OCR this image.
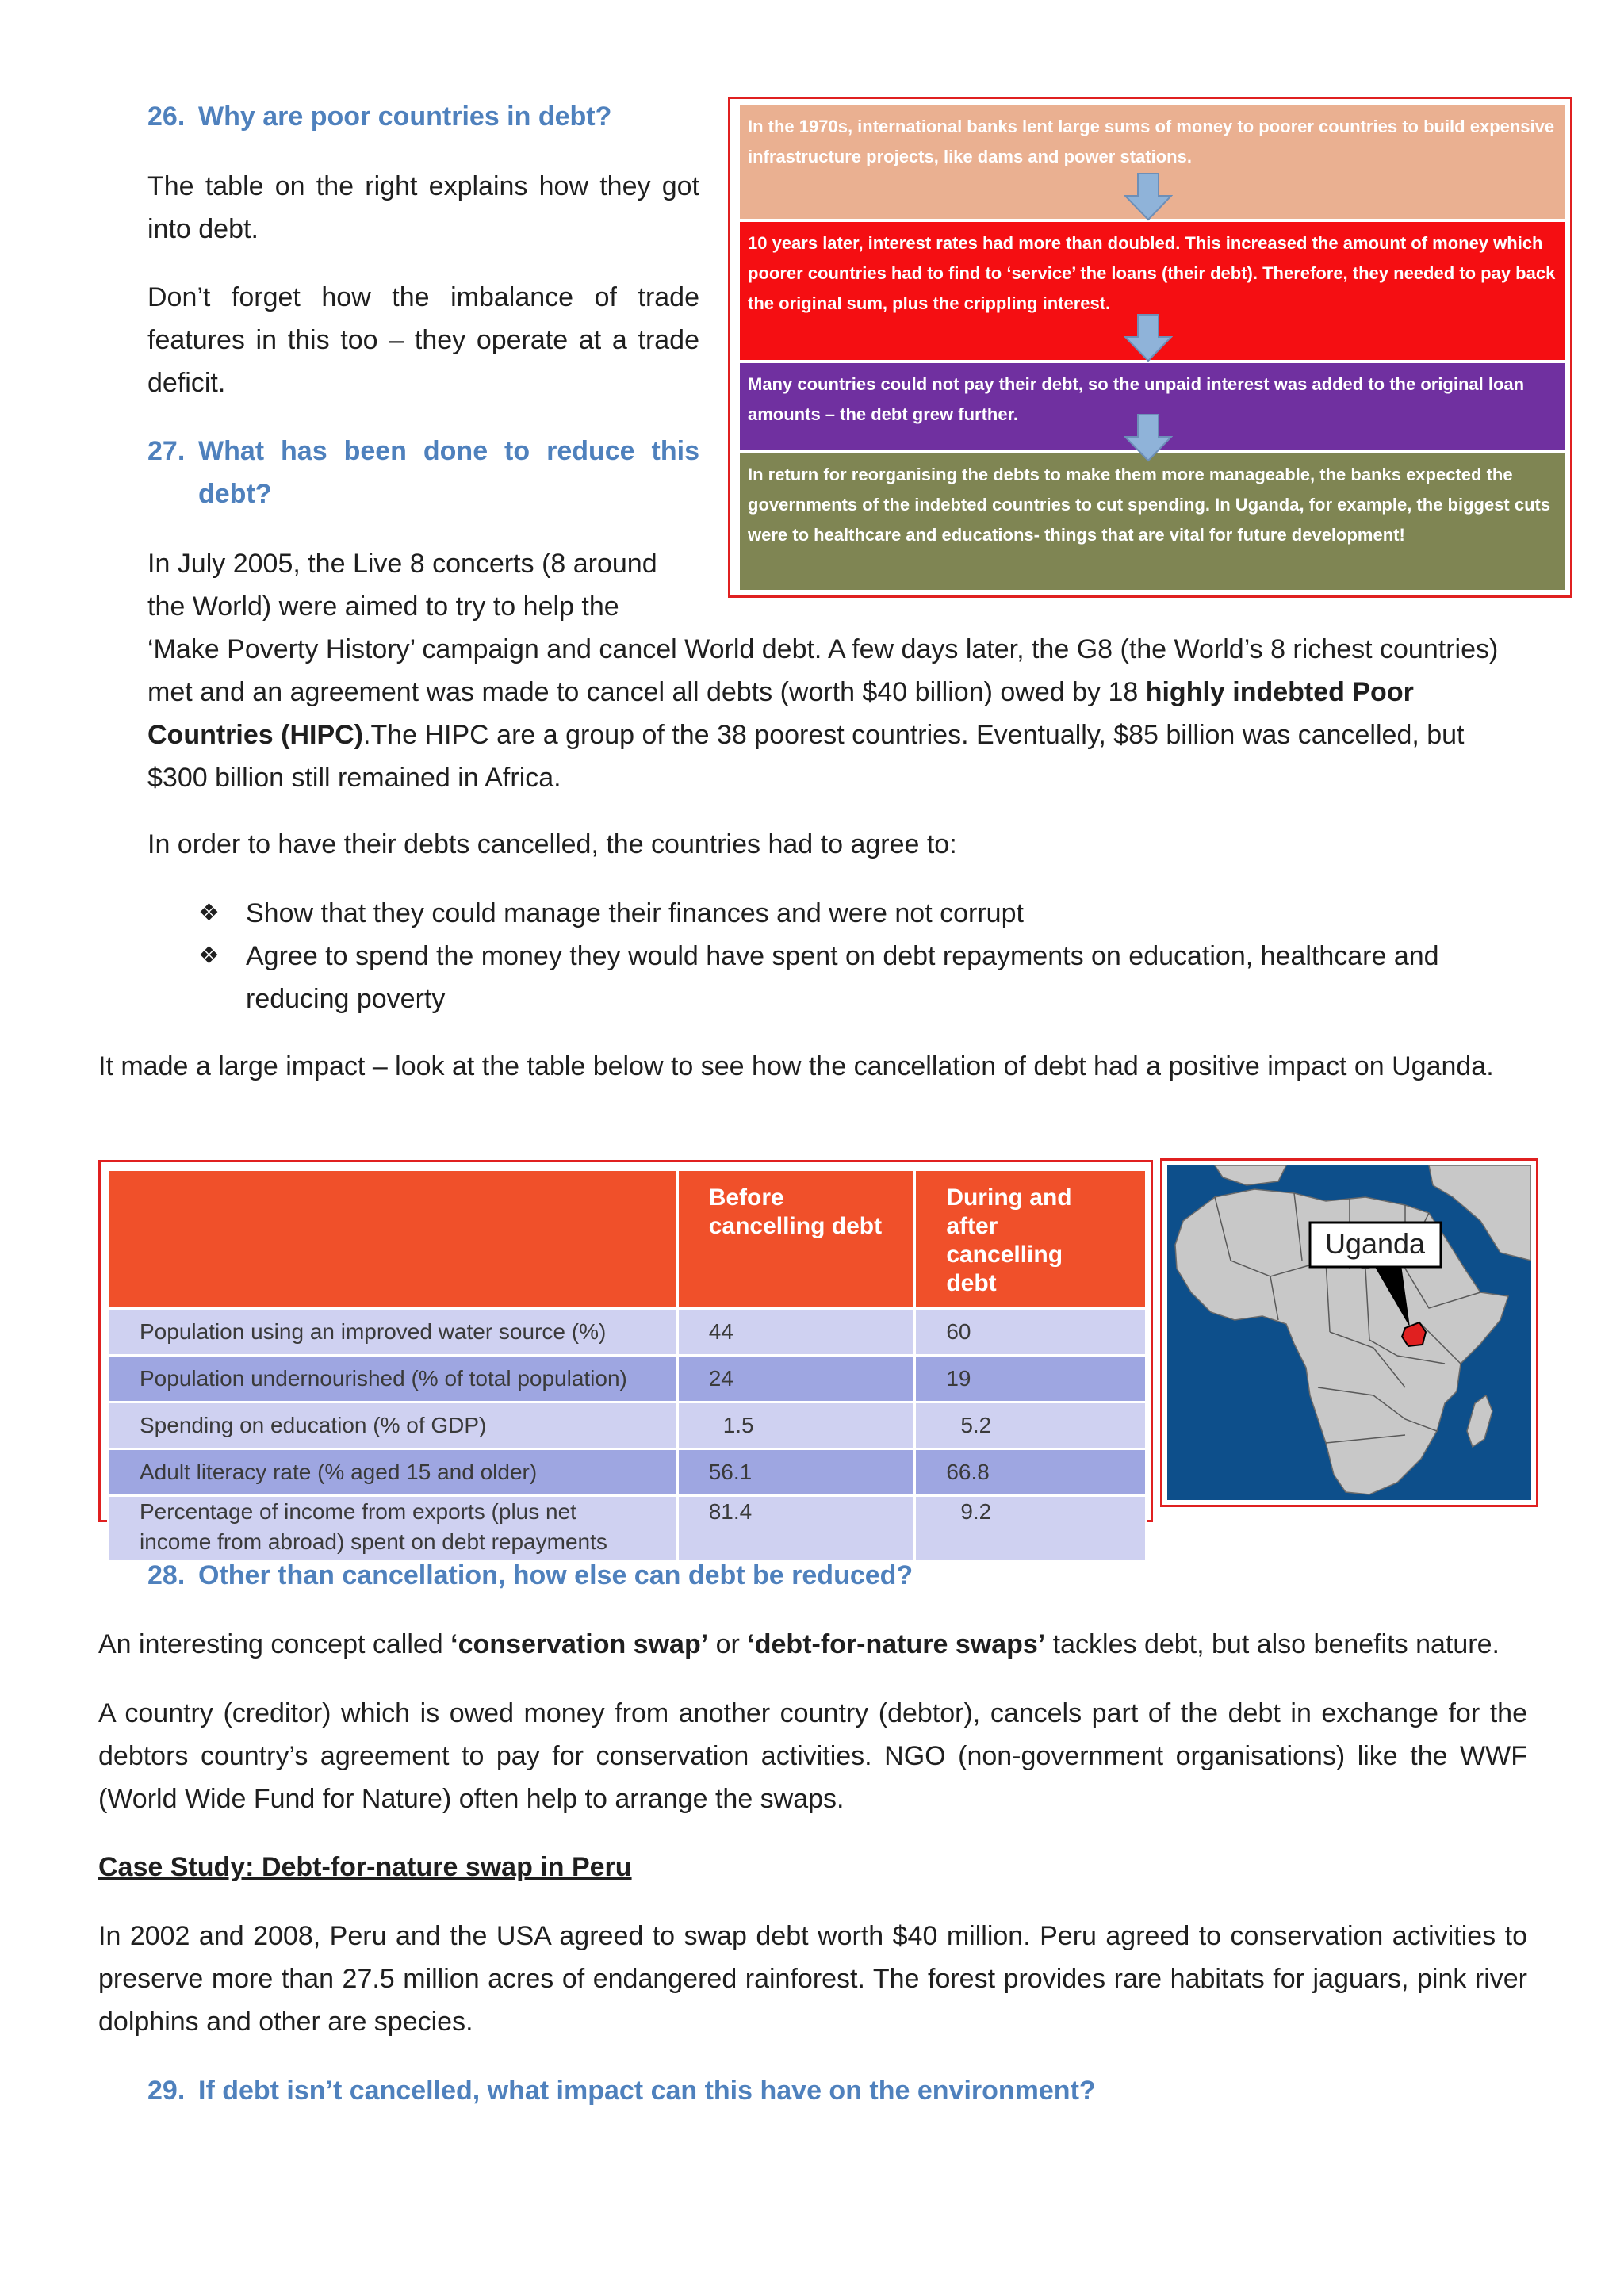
26. Why are poor countries in debt?
The table on the right explains how they got into debt.
Don’t forget how the imbalance of trade features in this too – they operate at a trade deficit.
27. What has been done to reduce this
debt?
In July 2005, the Live 8 concerts (8 around
the World) were aimed to try to help the
‘Make Poverty History’ campaign and cancel World debt. A few days later, the G8 (the World’s 8 richest countries) met and an agreement was made to cancel all debts (worth $40 billion) owed by 18 highly indebted Poor Countries (HIPC).The HIPC are a group of the 38 poorest countries. Eventually, $85 billion was cancelled, but $300 billion still remained in Africa.
In order to have their debts cancelled, the countries had to agree to:
❖ Show that they could manage their finances and were not corrupt
❖ Agree to spend the money they would have spent on debt repayments on education, healthcare and reducing poverty
It made a large impact – look at the table below to see how the cancellation of debt had a positive impact on Uganda.
In the 1970s, international banks lent large sums of money to poorer countries to build expensive infrastructure projects, like dams and power stations.
10 years later, interest rates had more than doubled. This increased the amount of money which poorer countries had to find to ‘service’ the loans (their debt). Therefore, they needed to pay back the original sum, plus the crippling interest.
Many countries could not pay their debt, so the unpaid interest was added to the original loan amounts – the debt grew further.
In return for reorganising the debts to make them more manageable, the banks expected the governments of the indebted countries to cut spending. In Uganda, for example, the biggest cuts were to healthcare and educations- things that are vital for future development!
	Before cancelling debt	During and after cancelling debt
Population using an improved water source (%)	44	60
Population undernourished (% of total population)	24	19
Spending on education (% of GDP)	1.5	5.2
Adult literacy rate (% aged 15 and older)	56.1	66.8
Percentage of income from exports (plus net income from abroad) spent on debt repayments	81.4	9.2
Uganda
28. Other than cancellation, how else can debt be reduced?
An interesting concept called ‘conservation swap’ or ‘debt-for-nature swaps’ tackles debt, but also benefits nature.
A country (creditor) which is owed money from another country (debtor), cancels part of the debt in exchange for the debtors country’s agreement to pay for conservation activities. NGO (non-government organisations) like the WWF (World Wide Fund for Nature) often help to arrange the swaps.
Case Study: Debt-for-nature swap in Peru
In 2002 and 2008, Peru and the USA agreed to swap debt worth $40 million. Peru agreed to conservation activities to preserve more than 27.5 million acres of endangered rainforest. The forest provides rare habitats for jaguars, pink river dolphins and other are species.
29. If debt isn’t cancelled, what impact can this have on the environment?
